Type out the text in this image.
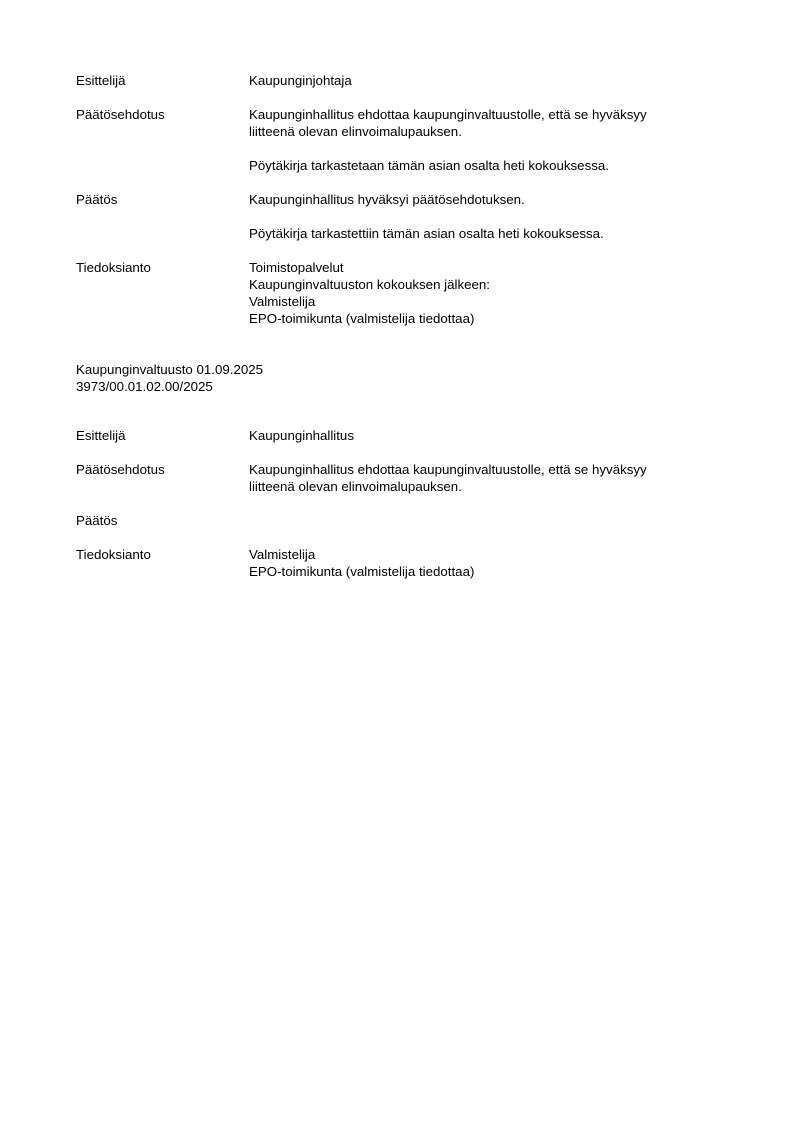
Esittelijä	Kaupunginjohtaja
Päätösehdotus	Kaupunginhallitus ehdottaa kaupunginvaltuustolle, että se hyväksyy
liitteenä olevan elinvoimalupauksen.
Pöytäkirja tarkastetaan tämän asian osalta heti kokouksessa.
Päätös	Kaupunginhallitus hyväksyi päätösehdotuksen.
Pöytäkirja tarkastettiin tämän asian osalta heti kokouksessa.
Tiedoksianto	Toimistopalvelut
Kaupunginvaltuuston kokouksen jälkeen:
Valmistelija
EPO-toimikunta (valmistelija tiedottaa)
Kaupunginvaltuusto 01.09.2025
3973/00.01.02.00/2025
Esittelijä	Kaupunginhallitus
Päätösehdotus	Kaupunginhallitus ehdottaa kaupunginvaltuustolle, että se hyväksyy
liitteenä olevan elinvoimalupauksen.
Päätös
Tiedoksianto	Valmistelija
EPO-toimikunta (valmistelija tiedottaa)
